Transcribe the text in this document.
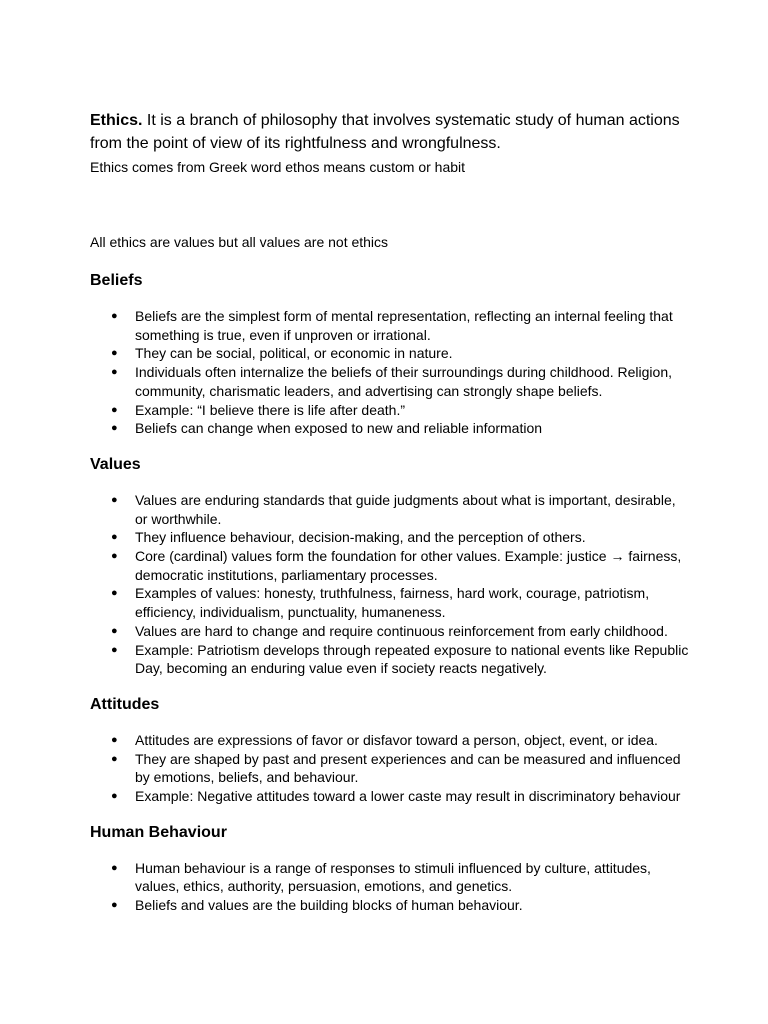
Ethics. It is a branch of philosophy that involves systematic study of human actions from the point of view of its rightfulness and wrongfulness.

Ethics comes from Greek word ethos means custom or habit

All ethics are values but all values are not ethics

Beliefs
● Beliefs are the simplest form of mental representation, reflecting an internal feeling that something is true, even if unproven or irrational.
● They can be social, political, or economic in nature.
● Individuals often internalize the beliefs of their surroundings during childhood. Religion, community, charismatic leaders, and advertising can strongly shape beliefs.
● Example: “I believe there is life after death.”
● Beliefs can change when exposed to new and reliable information
Values
● Values are enduring standards that guide judgments about what is important, desirable, or worthwhile.
● They influence behaviour, decision-making, and the perception of others.
● Core (cardinal) values form the foundation for other values. Example: justice → fairness, democratic institutions, parliamentary processes.
● Examples of values: honesty, truthfulness, fairness, hard work, courage, patriotism, efficiency, individualism, punctuality, humaneness.
● Values are hard to change and require continuous reinforcement from early childhood.
● Example: Patriotism develops through repeated exposure to national events like Republic Day, becoming an enduring value even if society reacts negatively.
Attitudes
● Attitudes are expressions of favor or disfavor toward a person, object, event, or idea.
● They are shaped by past and present experiences and can be measured and influenced by emotions, beliefs, and behaviour.
● Example: Negative attitudes toward a lower caste may result in discriminatory behaviour
Human Behaviour
● Human behaviour is a range of responses to stimuli influenced by culture, attitudes, values, ethics, authority, persuasion, emotions, and genetics.
● Beliefs and values are the building blocks of human behaviour.
